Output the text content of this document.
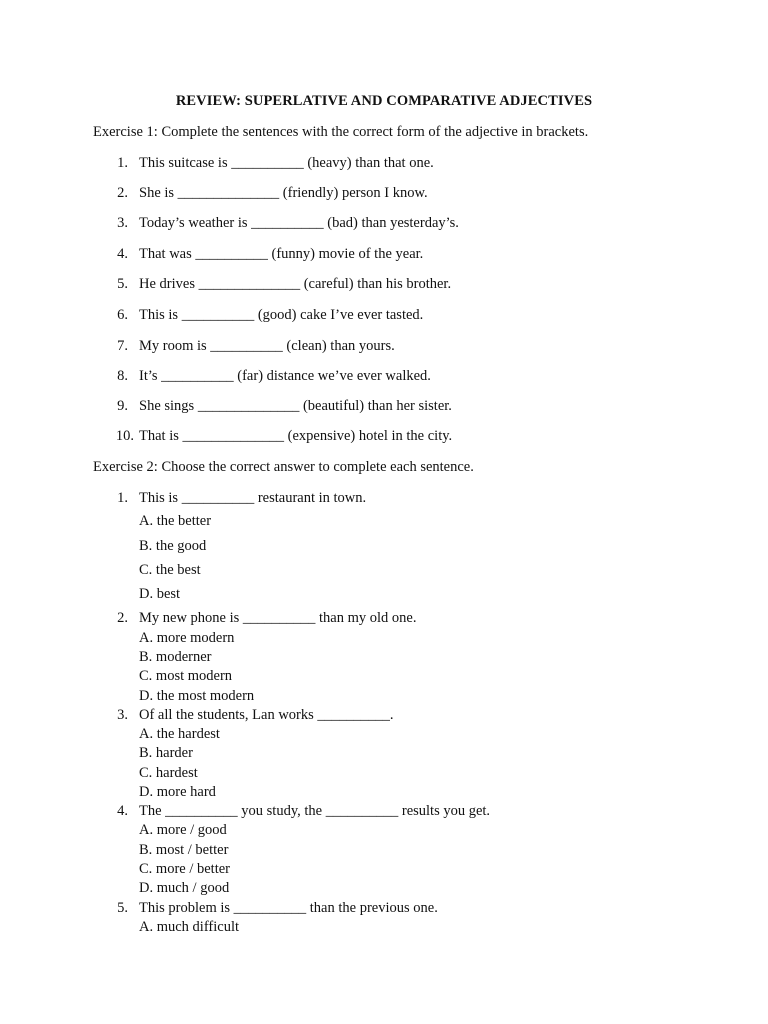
REVIEW: SUPERLATIVE AND COMPARATIVE ADJECTIVES
Exercise 1: Complete the sentences with the correct form of the adjective in brackets.
1. This suitcase is __________ (heavy) than that one.
2. She is ______________ (friendly) person I know.
3. Today’s weather is __________ (bad) than yesterday’s.
4. That was __________ (funny) movie of the year.
5. He drives ______________ (careful) than his brother.
6. This is __________ (good) cake I’ve ever tasted.
7. My room is __________ (clean) than yours.
8. It’s __________ (far) distance we’ve ever walked.
9. She sings ______________ (beautiful) than her sister.
10. That is ______________ (expensive) hotel in the city.
Exercise 2: Choose the correct answer to complete each sentence.
1. This is __________ restaurant in town.
A. the better
B. the good
C. the best
D. best
2. My new phone is __________ than my old one.
A. more modern
B. moderner
C. most modern
D. the most modern
3. Of all the students, Lan works __________.
A. the hardest
B. harder
C. hardest
D. more hard
4. The __________ you study, the __________ results you get.
A. more / good
B. most / better
C. more / better
D. much / good
5. This problem is __________ than the previous one.
A. much difficult
